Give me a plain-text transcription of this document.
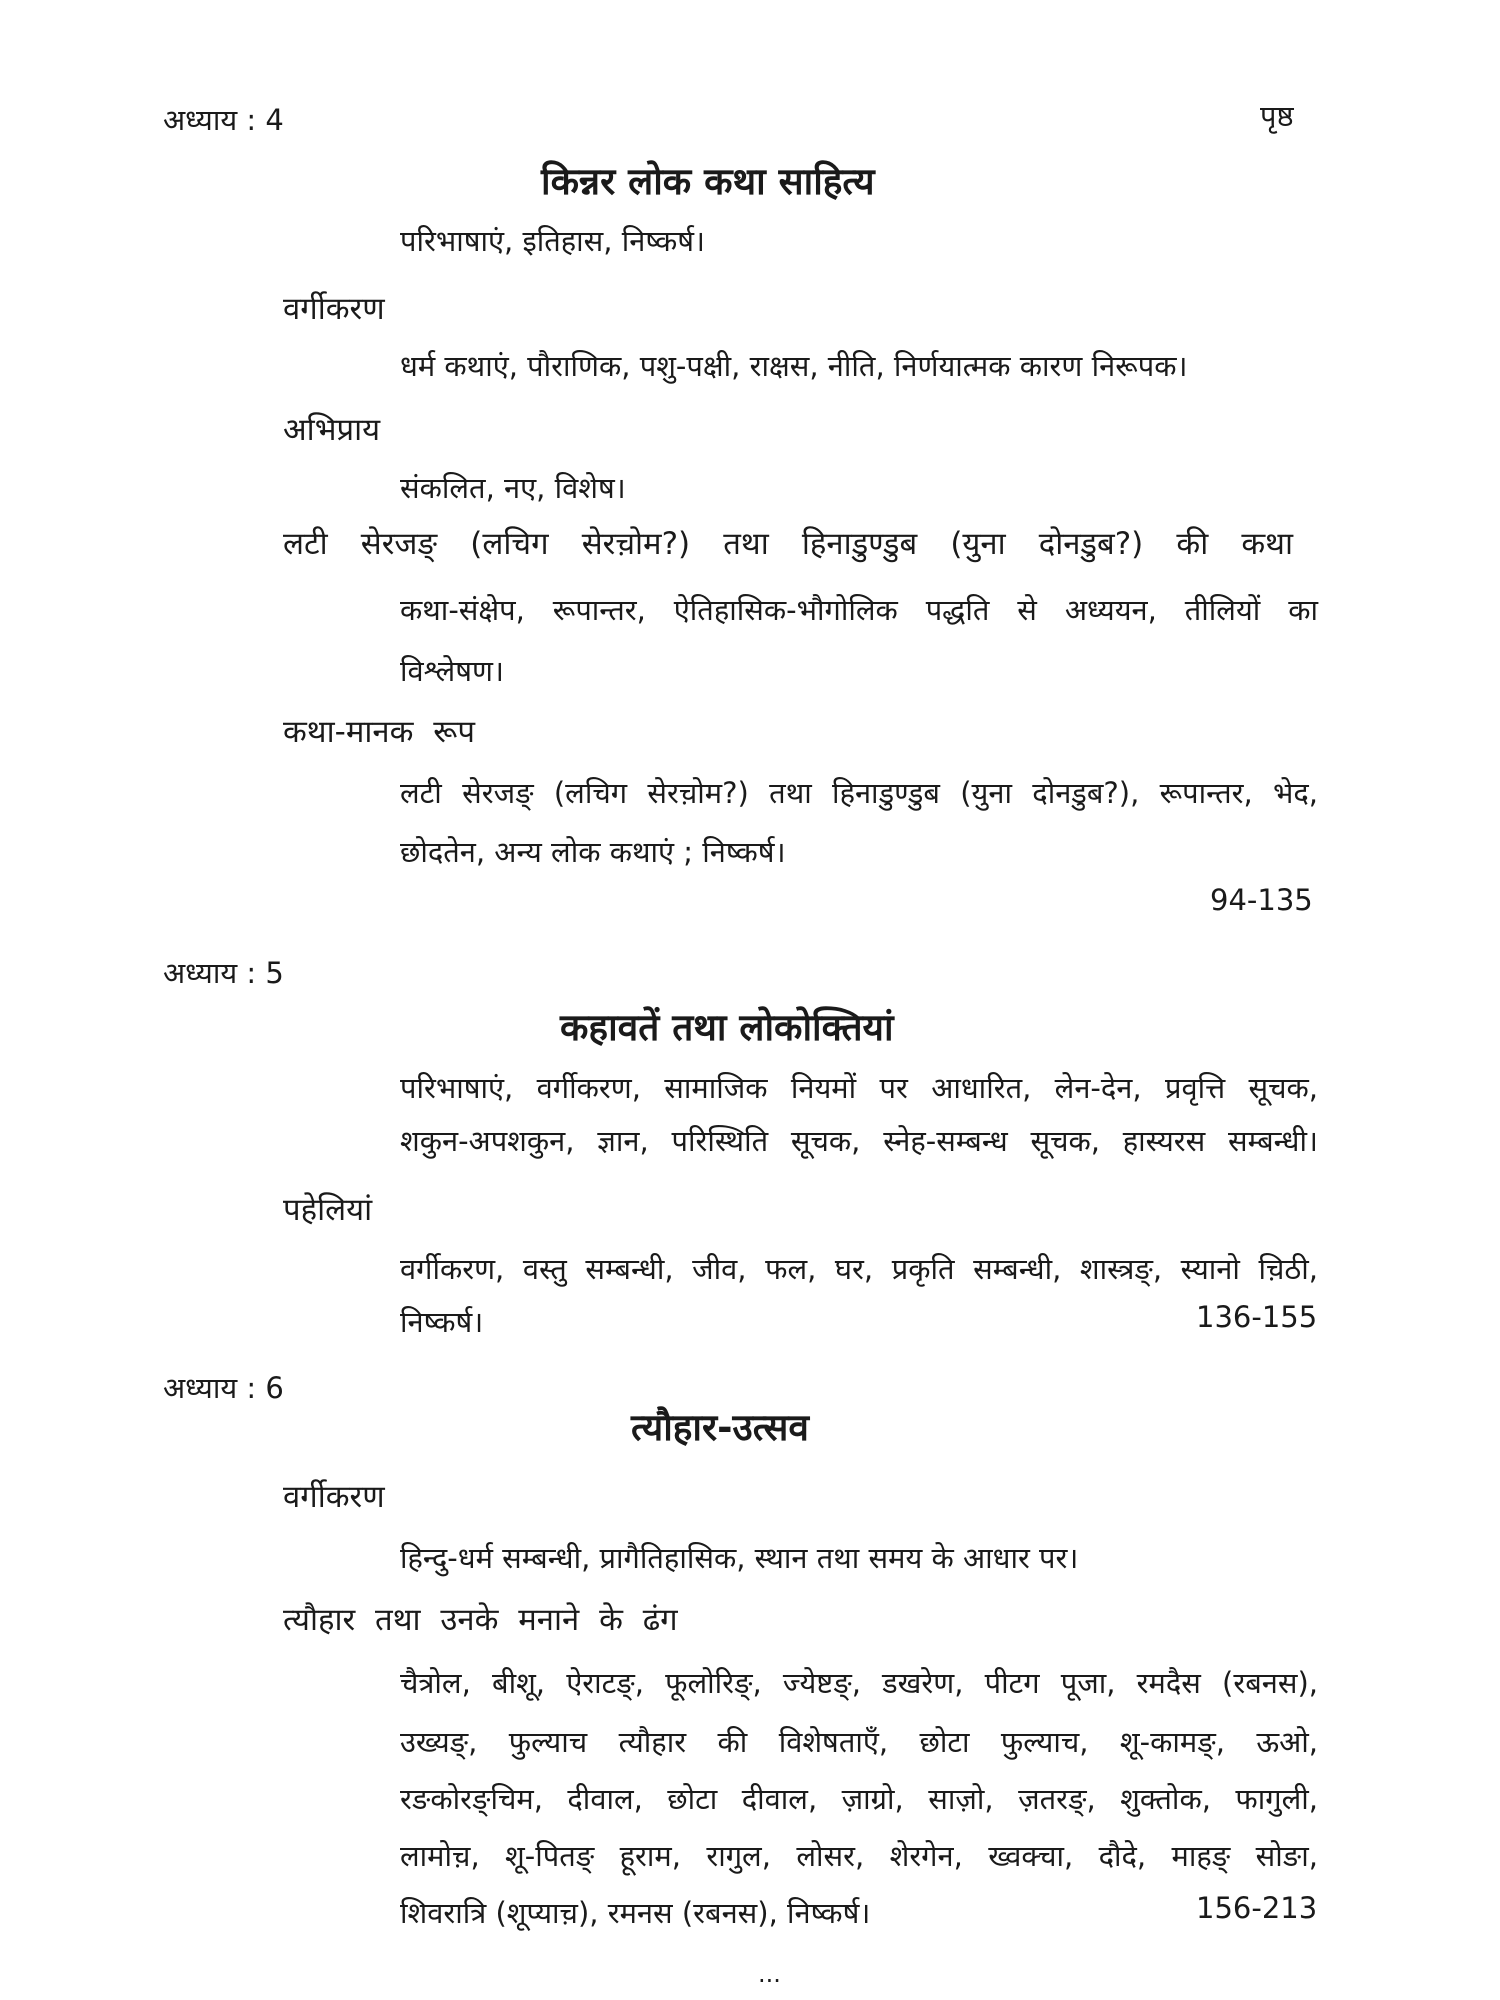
अध्याय : 4	पृष्ठ
किन्नर लोक कथा साहित्य
परिभाषाएं, इतिहास, निष्कर्ष।
वर्गीकरण
धर्म कथाएं, पौराणिक, पशु-पक्षी, राक्षस, नीति, निर्णयात्मक कारण निरूपक।
अभिप्राय
संकलित, नए, विशेष।
लटी सेरजङ् (लचिग सेरच़ोम?) तथा हिनाडुण्डुब (युना दोनडुब?) की कथा
कथा-संक्षेप, रूपान्तर, ऐतिहासिक-भौगोलिक पद्धति से अध्ययन, तीलियों का
विश्लेषण।
कथा-मानक रूप
लटी सेरजङ् (लचिग सेरच़ोम?) तथा हिनाडुण्डुब (युना दोनडुब?), रूपान्तर, भेद,
छोदतेन, अन्य लोक कथाएं ; निष्कर्ष।
94-135
अध्याय : 5
कहावतें तथा लोकोक्तियां
परिभाषाएं, वर्गीकरण, सामाजिक नियमों पर आधारित, लेन-देन, प्रवृत्ति सूचक,
शकुन-अपशकुन, ज्ञान, परिस्थिति सूचक, स्नेह-सम्बन्ध सूचक, हास्यरस सम्बन्धी।
पहेलियां
वर्गीकरण, वस्तु सम्बन्धी, जीव, फल, घर, प्रकृति सम्बन्धी, शास्त्रङ्, स्यानो च़िठी,
निष्कर्ष।	136-155
अध्याय : 6
त्यौहार-उत्सव
वर्गीकरण
हिन्दु-धर्म सम्बन्धी, प्रागैतिहासिक, स्थान तथा समय के आधार पर।
त्यौहार तथा उनके मनाने के ढंग
चैत्रोल, बीशू, ऐराटङ्, फूलोरिङ्, ज्येष्टङ्, डखरेण, पीटग पूजा, रमदैस (रबनस),
उख्यङ्, फुल्याच त्यौहार की विशेषताएँ, छोटा फुल्याच, शू-कामङ्, ऊओ,
रङकोरङ्चिम, दीवाल, छोटा दीवाल, ज़ाग्रो, साज़ो, ज़तरङ्, शुक्तोक, फागुली,
लामोच़, शू-पितङ् हूराम, रागुल, लोसर, शेरगेन, ख्वक्चा, दौदे, माहङ् सोङा,
शिवरात्रि (शूप्याच़), रमनस (रबनस), निष्कर्ष।	156-213
...
